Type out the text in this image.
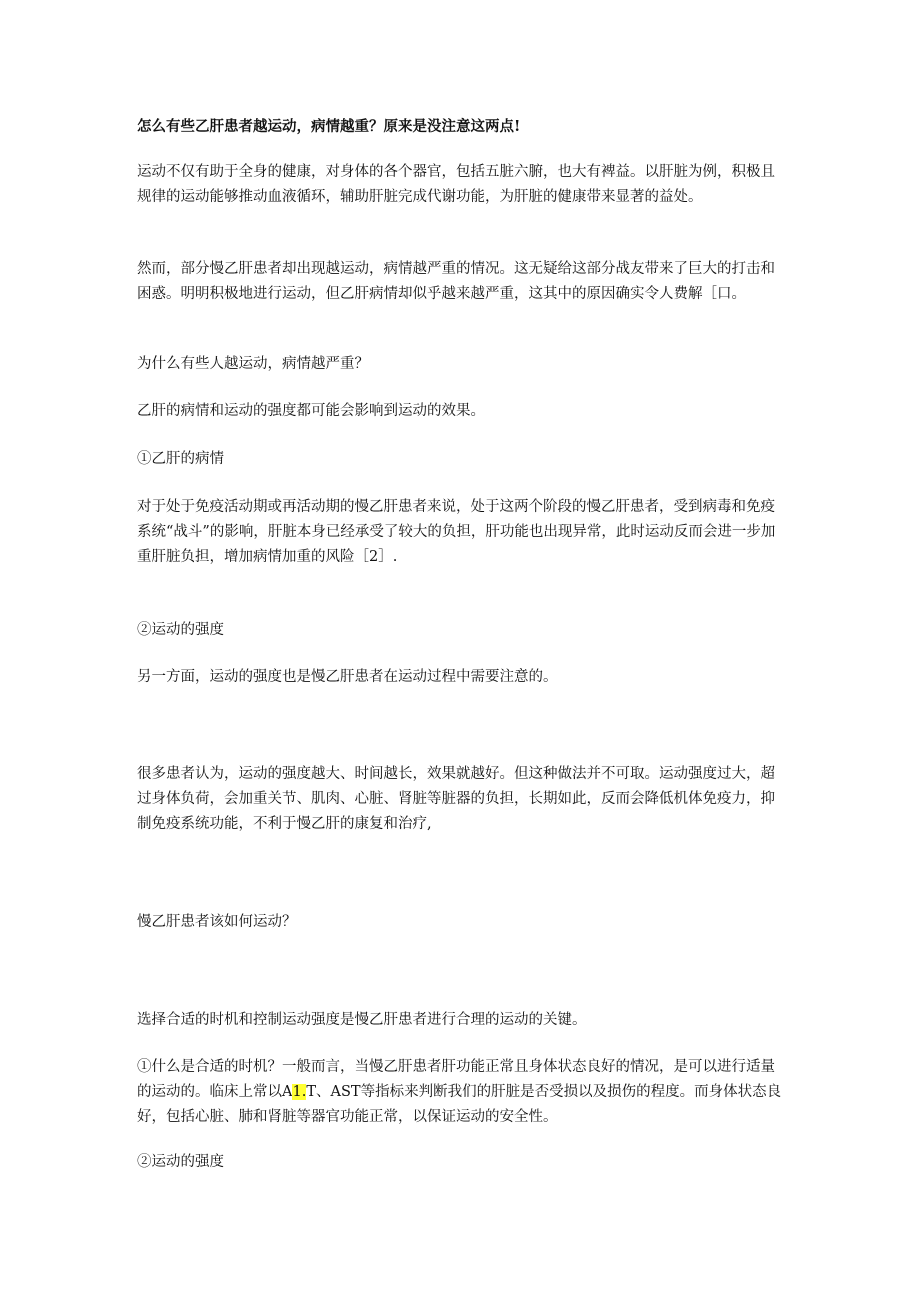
怎么有些乙肝患者越运动，病情越重？原来是没注意这两点!

运动不仅有助于全身的健康，对身体的各个器官，包括五脏六腑，也大有裨益。以肝脏为例，积极且规律的运动能够推动血液循环，辅助肝脏完成代谢功能，为肝脏的健康带来显著的益处。

然而，部分慢乙肝患者却出现越运动，病情越严重的情况。这无疑给这部分战友带来了巨大的打击和困惑。明明积极地进行运动，但乙肝病情却似乎越来越严重，这其中的原因确实令人费解［口。

为什么有些人越运动，病情越严重？

乙肝的病情和运动的强度都可能会影响到运动的效果。

①乙肝的病情

对于处于免疫活动期或再活动期的慢乙肝患者来说，处于这两个阶段的慢乙肝患者，受到病毒和免疫系统“战斗”的影响，肝脏本身已经承受了较大的负担，肝功能也出现异常，此时运动反而会进一步加重肝脏负担，增加病情加重的风险［2］.

②运动的强度

另一方面，运动的强度也是慢乙肝患者在运动过程中需要注意的。

很多患者认为，运动的强度越大、时间越长，效果就越好。但这种做法并不可取。运动强度过大，超过身体负荷，会加重关节、肌肉、心脏、肾脏等脏器的负担，长期如此，反而会降低机体免疫力，抑制免疫系统功能，不利于慢乙肝的康复和治疗,

慢乙肝患者该如何运动？

选择合适的时机和控制运动强度是慢乙肝患者进行合理的运动的关键。

①什么是合适的时机？一般而言，当慢乙肝患者肝功能正常且身体状态良好的情况，是可以进行适量的运动的。临床上常以A1.T、AST等指标来判断我们的肝脏是否受损以及损伤的程度。而身体状态良好，包括心脏、肺和肾脏等器官功能正常，以保证运动的安全性。

②运动的强度
